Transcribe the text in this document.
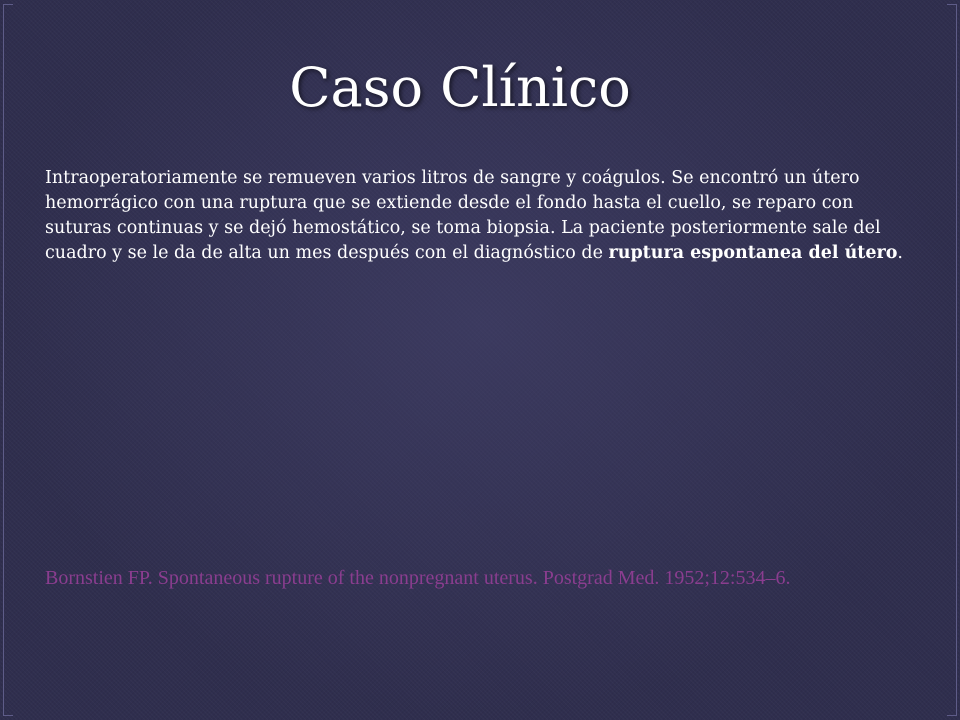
Caso Clínico

Intraoperatoriamente se remueven varios litros de sangre y coágulos. Se encontró un útero hemorrágico con una ruptura que se extiende desde el fondo hasta el cuello, se reparo con suturas continuas y se dejó hemostático, se toma biopsia. La paciente posteriormente sale del cuadro y se le da de alta un mes después con el diagnóstico de ruptura espontanea del útero.

Bornstien FP. Spontaneous rupture of the nonpregnant uterus. Postgrad Med. 1952;12:534–6.
